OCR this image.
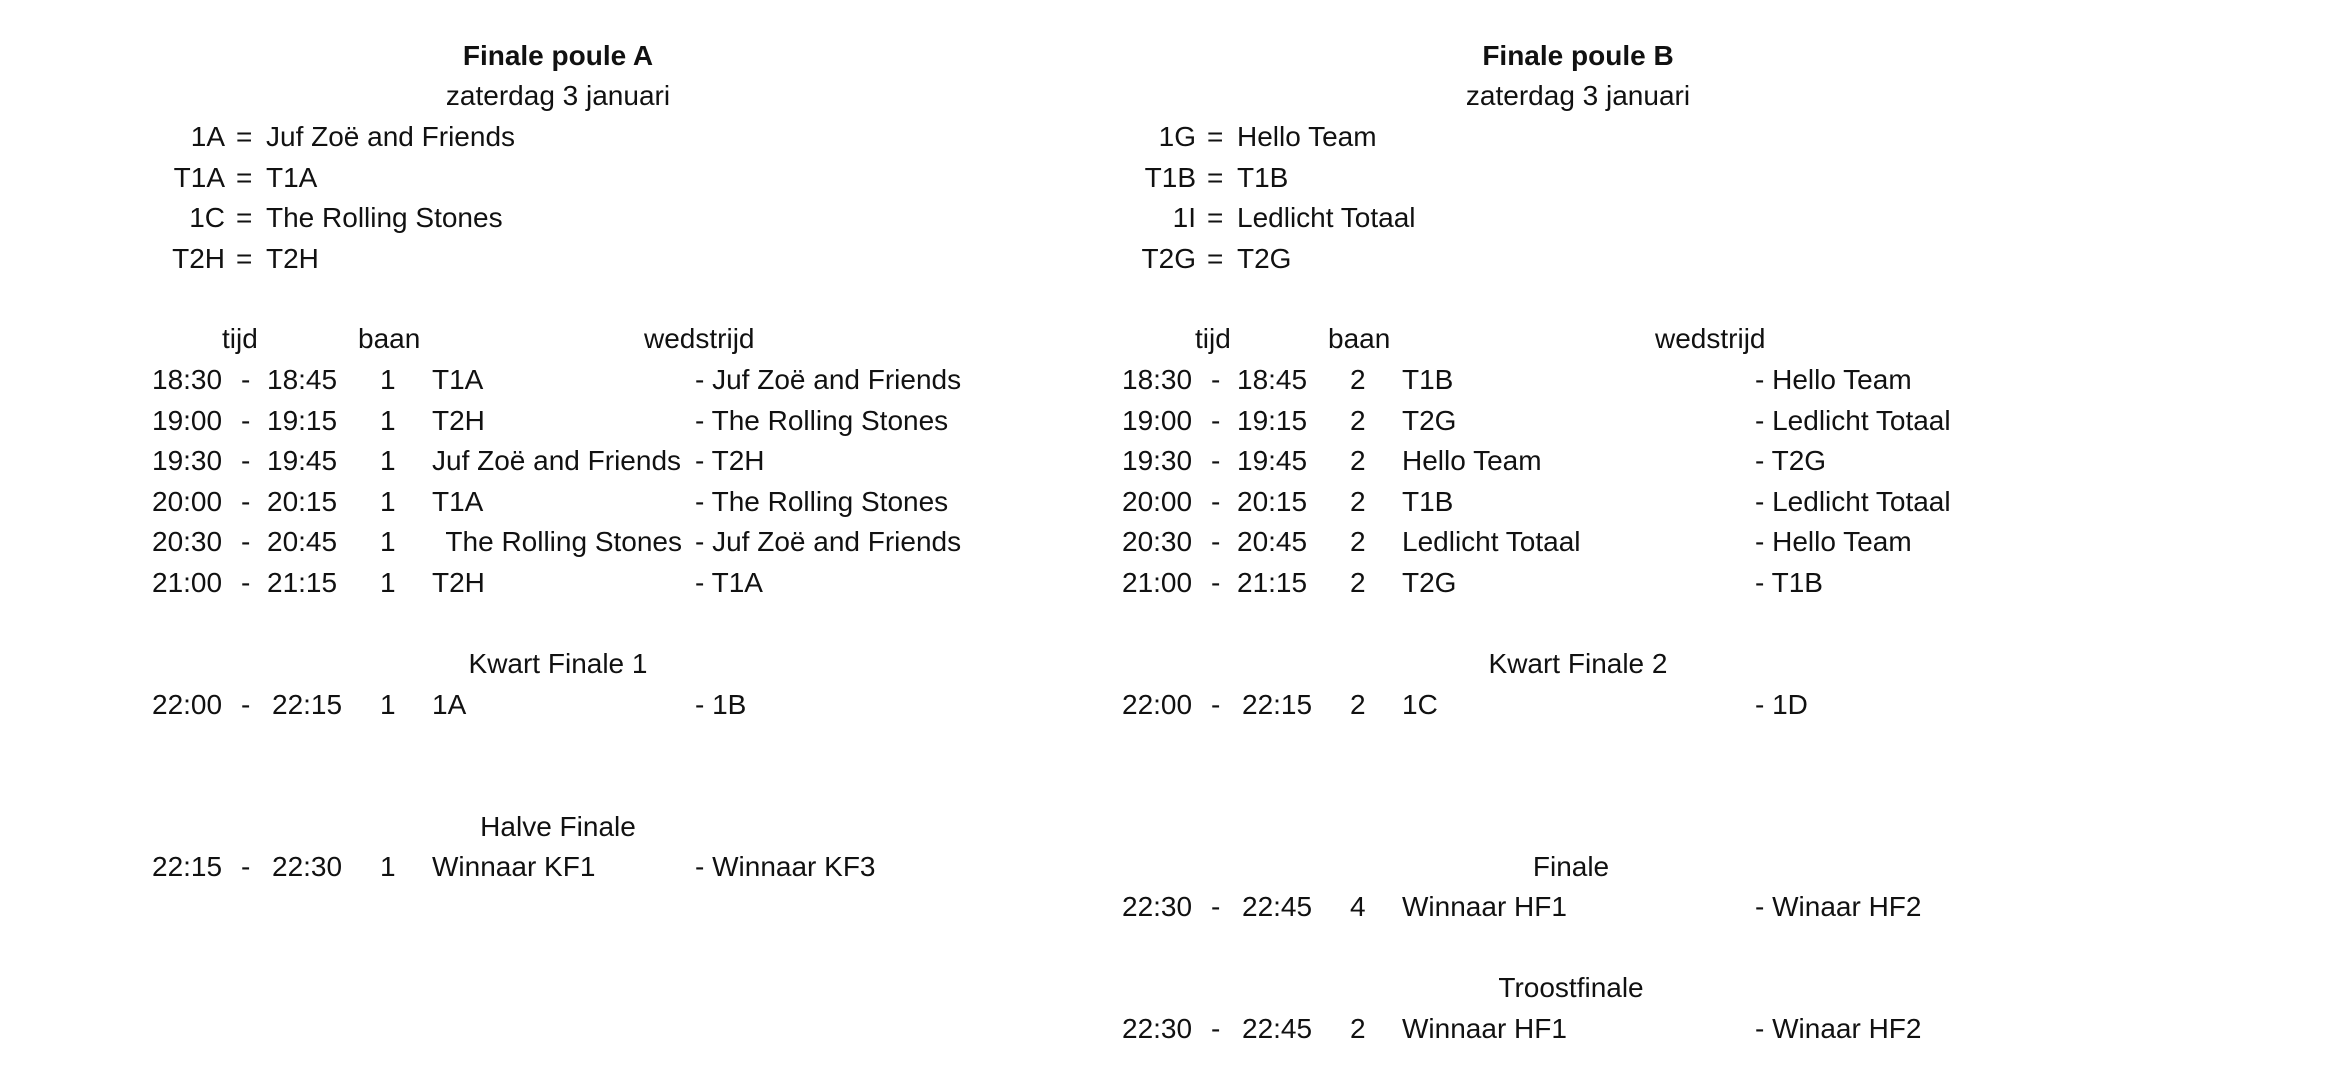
Finale poule A
zaterdag 3 januari
1A = Juf Zoë and Friends
T1A = T1A
1C = The Rolling Stones
T2H = T2H
tijd	baan	wedstrijd
18:30 - 18:45 1 T1A	- Juf Zoë and Friends
19:00 - 19:15 1 T2H	- The Rolling Stones
19:30 - 19:45 1 Juf Zoë and Friends - T2H
20:00 - 20:15 1 T1A	- The Rolling Stones
20:30 - 20:45 1 The Rolling Stones - Juf Zoë and Friends
21:00 - 21:15 1 T2H	- T1A
Kwart Finale 1
22:00 - 22:15 1 1A	- 1B
Halve Finale
22:15 - 22:30 1 Winnaar KF1	- Winnaar KF3
Finale poule B
zaterdag 3 januari
1G = Hello Team
T1B = T1B
1I = Ledlicht Totaal
T2G = T2G
tijd	baan	wedstrijd
18:30 - 18:45 2 T1B	- Hello Team
19:00 - 19:15 2 T2G	- Ledlicht Totaal
19:30 - 19:45 2 Hello Team	- T2G
20:00 - 20:15 2 T1B	- Ledlicht Totaal
20:30 - 20:45 2 Ledlicht Totaal	- Hello Team
21:00 - 21:15 2 T2G	- T1B
Kwart Finale 2
22:00 - 22:15 2 1C	- 1D
Finale
22:30 - 22:45 4 Winnaar HF1	- Winaar HF2
Troostfinale
22:30 - 22:45 2 Winnaar HF1	- Winaar HF2
